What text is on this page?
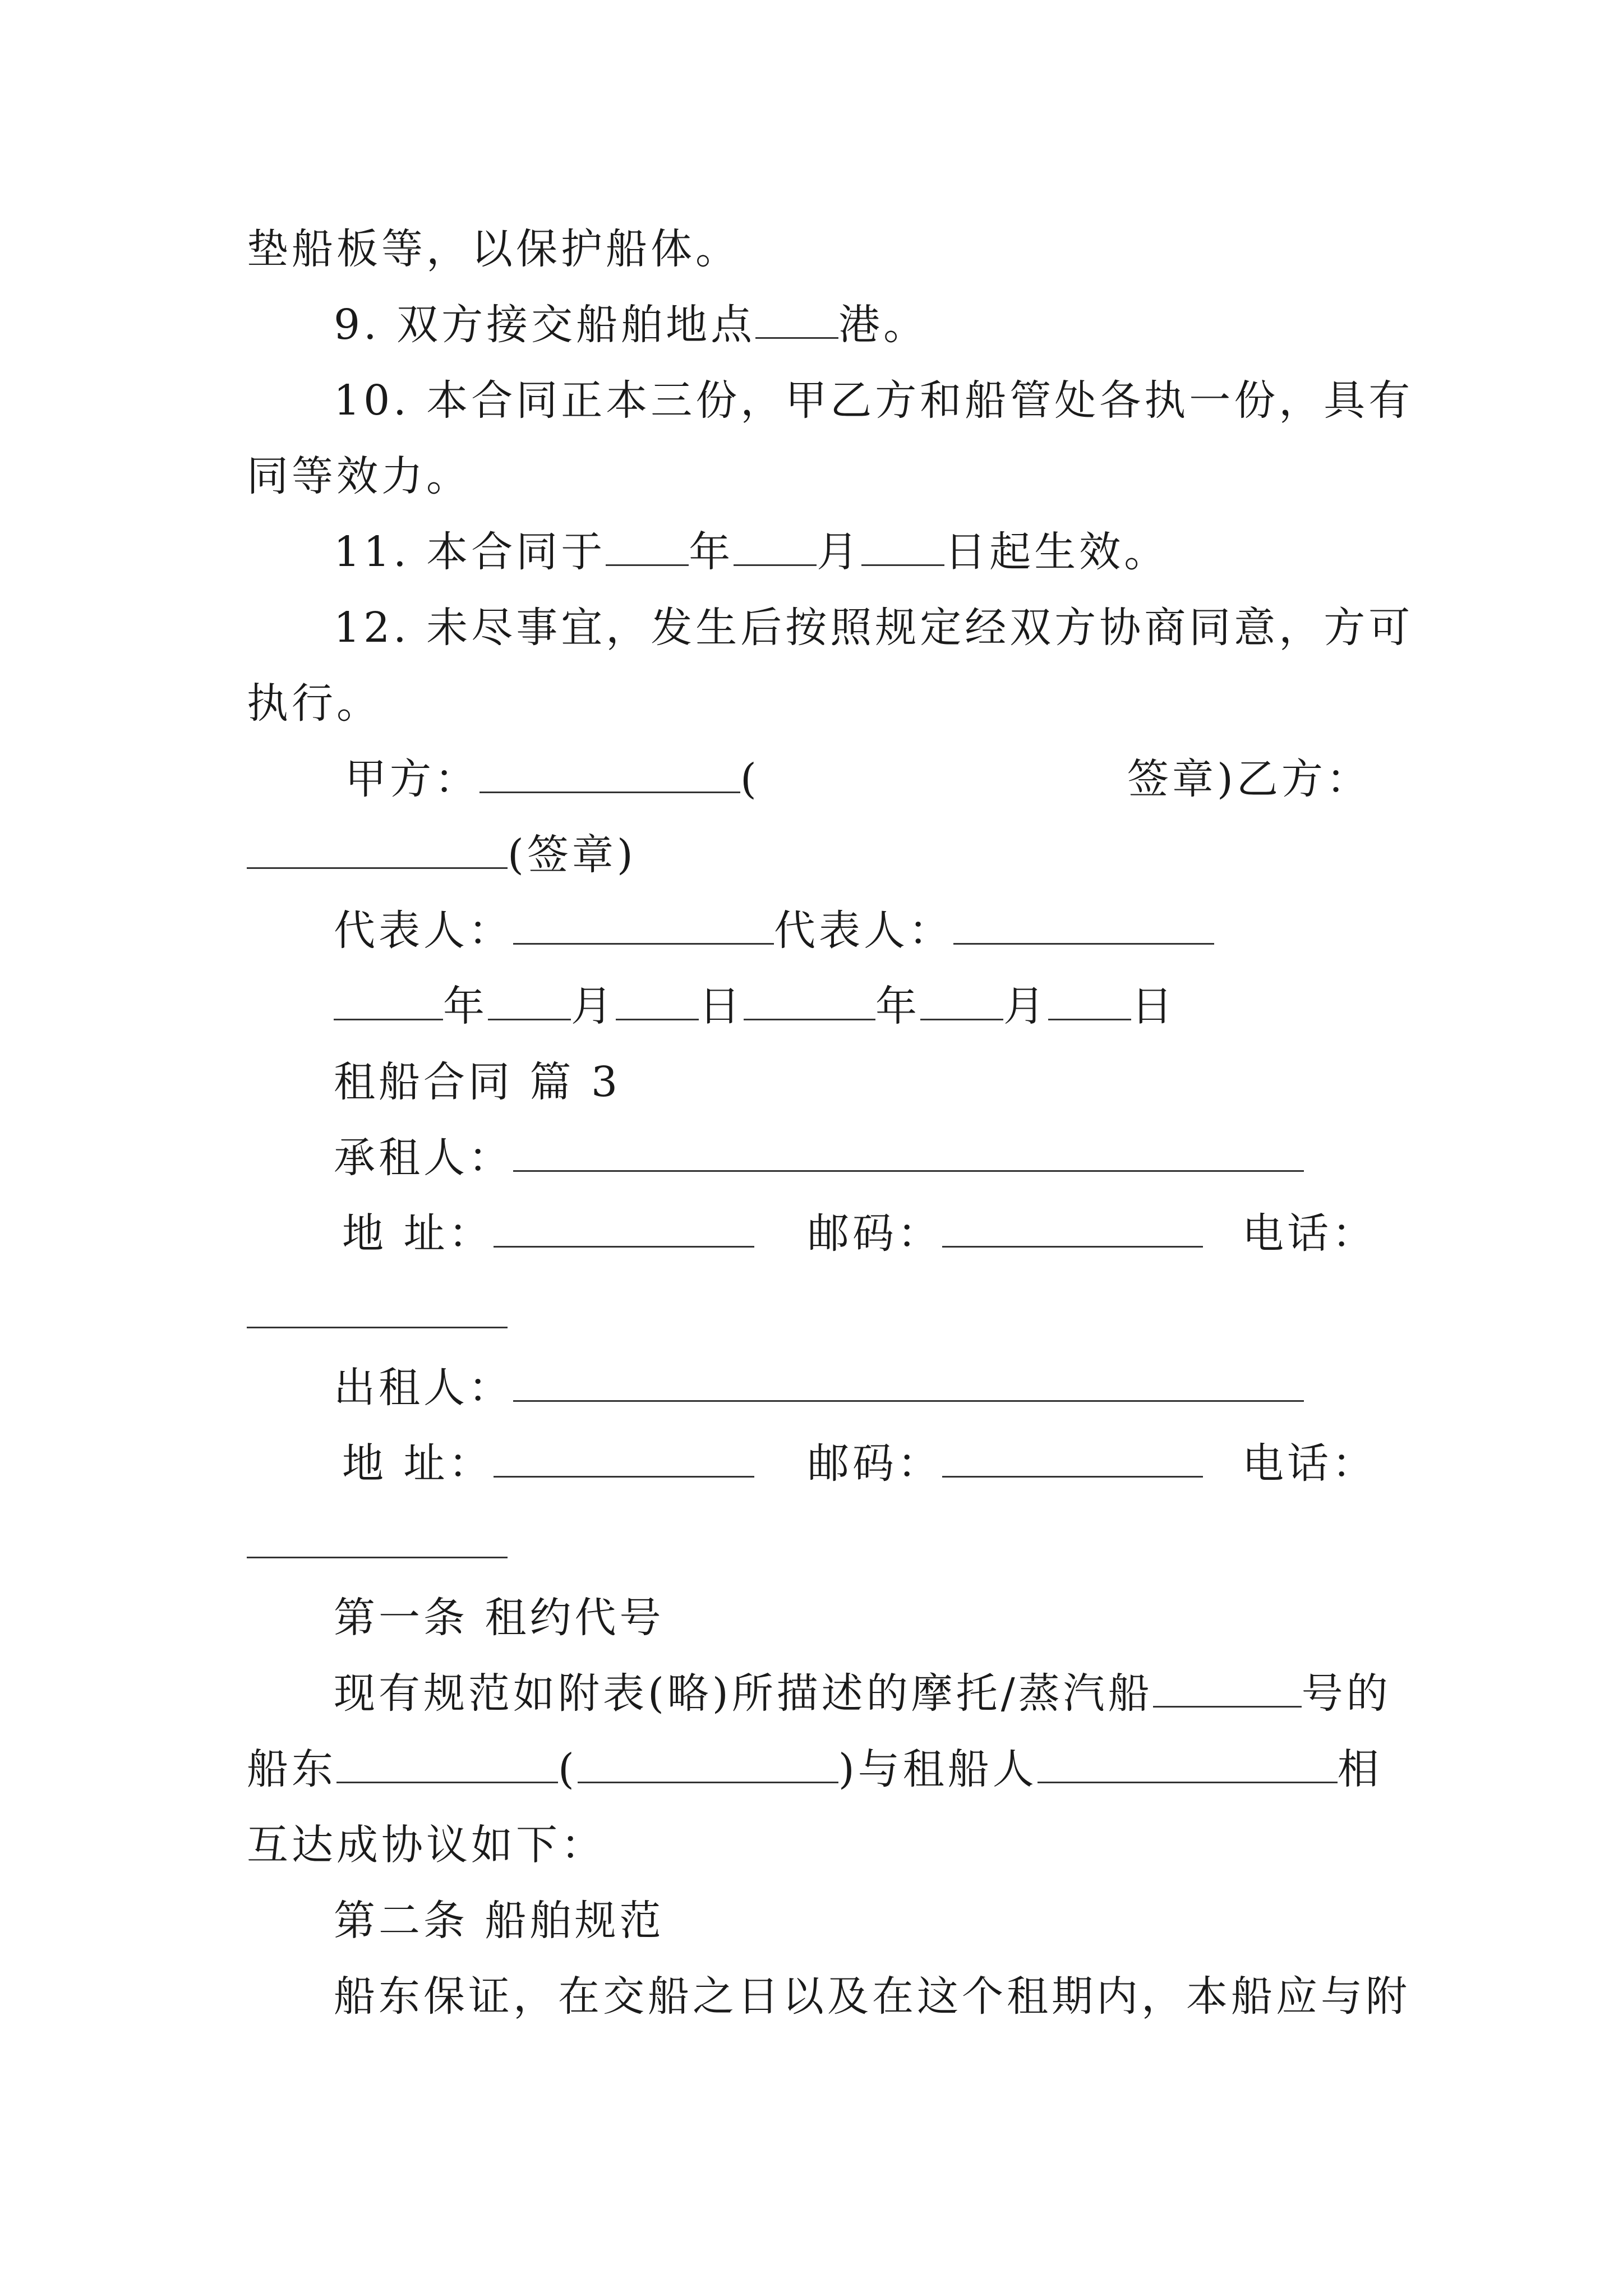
垫船板等，以保护船体。
9. 双方接交船舶地点 港。
10. 本合同正本三份，甲乙方和船管处各执一份，具有
同等效力。
11. 本合同于 年 月 日起生效。
12. 未尽事宜，发生后按照规定经双方协商同意，方可
执行。
甲方：	(	签章)乙方：
(签章)
代表人：	代表人：
年 月 日	年 月 日
租船合同 篇 3
承租人：
地 址：	邮码：	电话：
出租人：
地 址：	邮码：	电话：
第一条 租约代号
现有规范如附表(略)所描述的摩托/蒸汽船	号的
船东	(	)与租船人	相
互达成协议如下：
第二条 船舶规范
船东保证，在交船之日以及在这个租期内，本船应与附
